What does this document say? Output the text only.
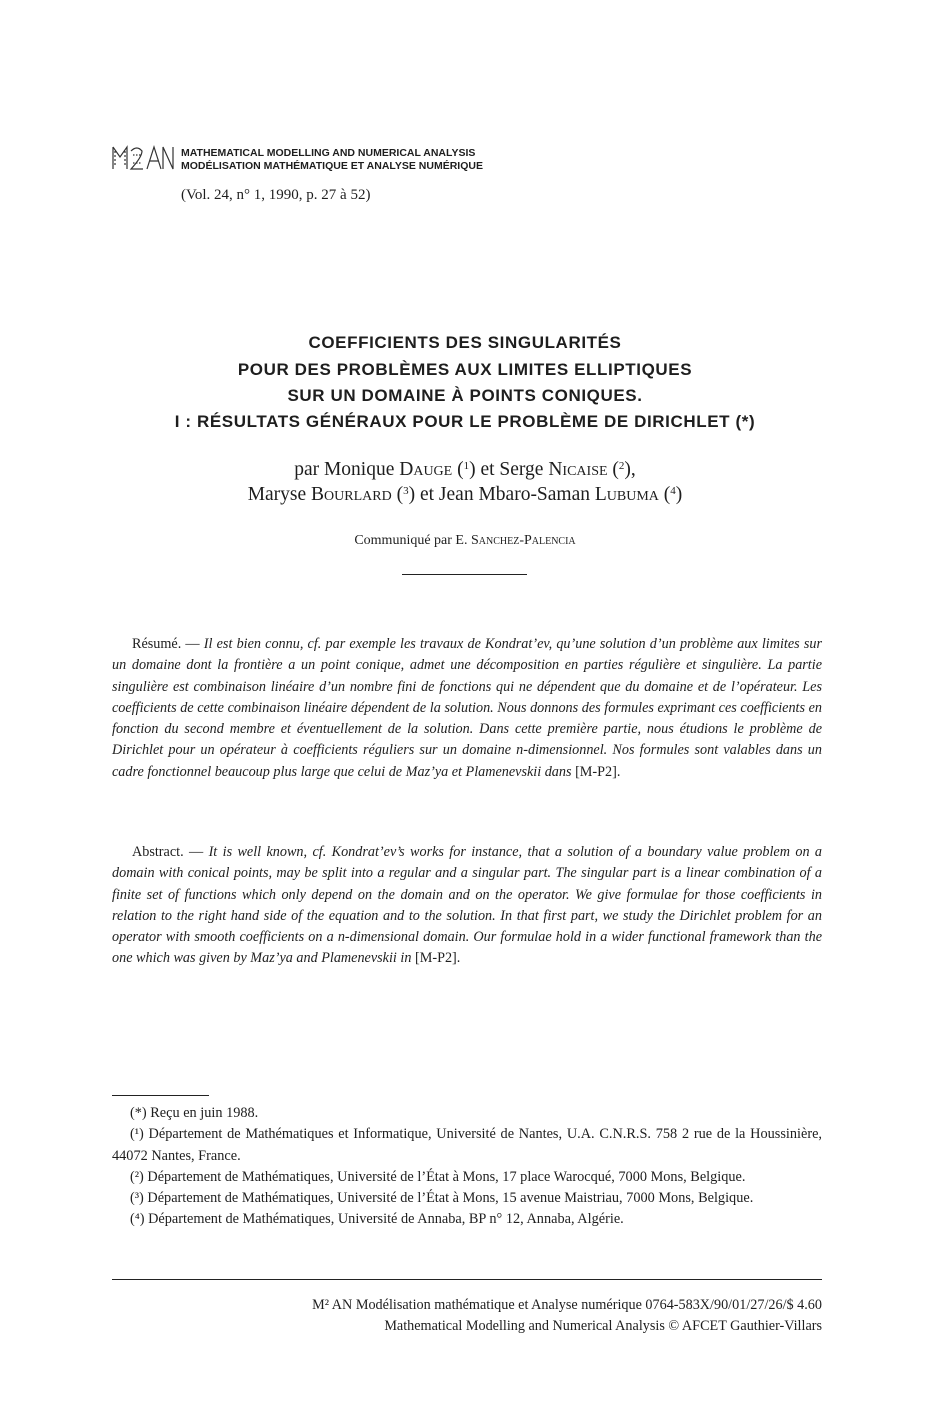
MATHEMATICAL MODELLING AND NUMERICAL ANALYSIS
MODÉLISATION MATHÉMATIQUE ET ANALYSE NUMÉRIQUE
(Vol. 24, n° 1, 1990, p. 27 à 52)
COEFFICIENTS DES SINGULARITÉS
POUR DES PROBLÈMES AUX LIMITES ELLIPTIQUES
SUR UN DOMAINE À POINTS CONIQUES.
I : RÉSULTATS GÉNÉRAUX POUR LE PROBLÈME DE DIRICHLET (*)
par Monique Dauge ($^1$) et Serge Nicaise ($^2$),
Maryse Bourlard ($^3$) et Jean Mbaro-Saman Lubuma ($^4$)
Communiqué par E. Sanchez-Palencia
Résumé. — Il est bien connu, cf. par exemple les travaux de Kondrat’ev, qu’une solution d’un problème aux limites sur un domaine dont la frontière a un point conique, admet une décomposition en parties régulière et singulière. La partie singulière est combinaison linéaire d’un nombre fini de fonctions qui ne dépendent que du domaine et de l’opérateur. Les coefficients de cette combinaison linéaire dépendent de la solution. Nous donnons des formules exprimant ces coefficients en fonction du second membre et éventuellement de la solution. Dans cette première partie, nous étudions le problème de Dirichlet pour un opérateur à coefficients réguliers sur un domaine n-dimensionnel. Nos formules sont valables dans un cadre fonctionnel beaucoup plus large que celui de Maz’ya et Plamenevskii dans [M-P2].
Abstract. — It is well known, cf. Kondrat’ev’s works for instance, that a solution of a boundary value problem on a domain with conical points, may be split into a regular and a singular part. The singular part is a linear combination of a finite set of functions which only depend on the domain and on the operator. We give formulae for those coefficients in relation to the right hand side of the equation and to the solution. In that first part, we study the Dirichlet problem for an operator with smooth coefficients on a n-dimensional domain. Our formulae hold in a wider functional framework than the one which was given by Maz’ya and Plamenevskii in [M-P2].

(*) Reçu en juin 1988.

(¹) Département de Mathématiques et Informatique, Université de Nantes, U.A. C.N.R.S. 758 2 rue de la Houssinière, 44072 Nantes, France.

(²) Département de Mathématiques, Université de l’État à Mons, 17 place Warocqué, 7000 Mons, Belgique.

(³) Département de Mathématiques, Université de l’État à Mons, 15 avenue Maistriau, 7000 Mons, Belgique.

(⁴) Département de Mathématiques, Université de Annaba, BP n° 12, Annaba, Algérie.

M² AN Modélisation mathématique et Analyse numérique 0764-583X/90/01/27/26/$ 4.60
Mathematical Modelling and Numerical Analysis © AFCET Gauthier-Villars
